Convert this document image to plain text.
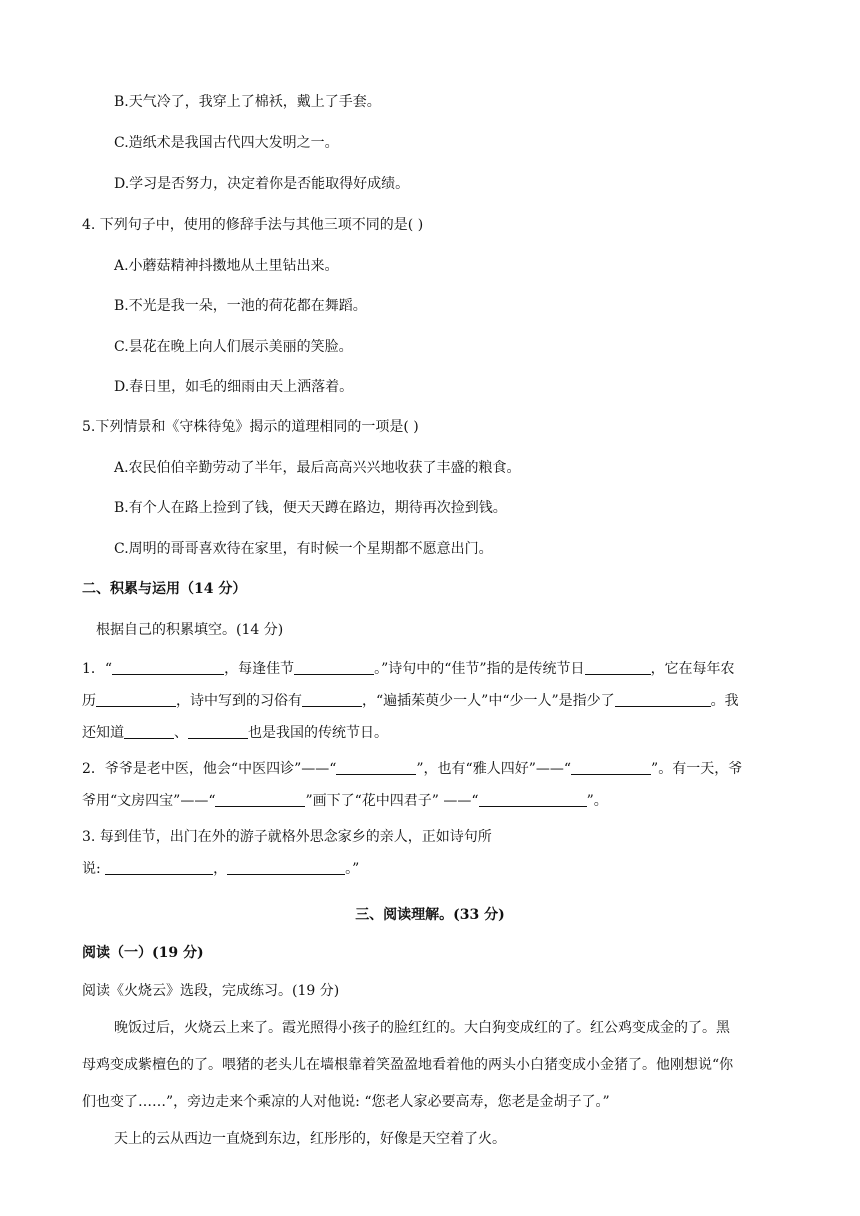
B.天气冷了，我穿上了棉袄，戴上了手套。
C.造纸术是我国古代四大发明之一。
D.学习是否努力，决定着你是否能取得好成绩。
4. 下列句子中，使用的修辞手法与其他三项不同的是( )
A.小蘑菇精神抖擞地从土里钻出来。
B.不光是我一朵，一池的荷花都在舞蹈。
C.昙花在晚上向人们展示美丽的笑脸。
D.春日里，如毛的细雨由天上洒落着。
5.下列情景和《守株待兔》揭示的道理相同的一项是( )
A.农民伯伯辛勤劳动了半年，最后高高兴兴地收获了丰盛的粮食。
B.有个人在路上捡到了钱，便天天蹲在路边，期待再次捡到钱。
C.周明的哥哥喜欢待在家里，有时候一个星期都不愿意出门。
二、积累与运用（14 分）
根据自己的积累填空。(14 分)
1．“	，每逢佳节	。”诗句中的“佳节”指的是传统节日	，它在每年农
历	，诗中写到的习俗有	，“遍插茱萸少一人”中“少一人”是指少了	。我
还知道	、	也是我国的传统节日。
2．爷爷是老中医，他会“中医四诊”——“	”，也有“雅人四好”——“	”。有一天，爷
爷用“文房四宝”——“	”画下了“花中四君子” ——“	”。
3. 每到佳节，出门在外的游子就格外思念家乡的亲人，正如诗句所
说:	，	。”
三、阅读理解。(33 分)
阅读（一）(19 分)
阅读《火烧云》选段，完成练习。(19 分)
晚饭过后，火烧云上来了。霞光照得小孩子的脸红红的。大白狗变成红的了。红公鸡变成金的了。黑
母鸡变成紫檀色的了。喂猪的老头儿在墙根靠着笑盈盈地看着他的两头小白猪变成小金猪了。他刚想说“你
们也变了……”，旁边走来个乘凉的人对他说: “您老人家必要高寿，您老是金胡子了。”
天上的云从西边一直烧到东边，红彤彤的，好像是天空着了火。
